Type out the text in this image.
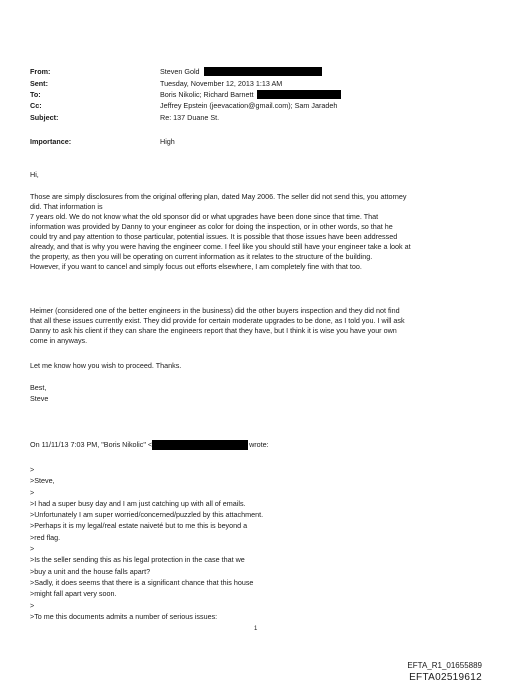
From:	Steven Gold
Sent:	Tuesday, November 12, 2013 1:13 AM
To:	Boris Nikolic; Richard Barnett
Cc:	Jeffrey Epstein (jeevacation@gmail.com); Sam Jaradeh
Subject:	Re: 137 Duane St.
Importance:	High
Hi,
Those are simply disclosures from the original offering plan, dated May 2006. The seller did not send this, you attorney
did. That information is
7 years old. We do not know what the old sponsor did or what upgrades have been done since that time. That
information was provided by Danny to your engineer as color for doing the inspection, or in other words, so that he
could try and pay attention to those particular, potential issues. It is possible that those issues have been addressed
already, and that is why you were having the engineer come. I feel like you should still have your engineer take a look at
the property, as then you will be operating on current information as it relates to the structure of the building.
However, if you want to cancel and simply focus out efforts elsewhere, I am completely fine with that too.
Heimer (considered one of the better engineers in the business) did the other buyers inspection and they did not find
that all these issues currently exist. They did provide for certain moderate upgrades to be done, as I told you. I will ask
Danny to ask his client if they can share the engineers report that they have, but I think it is wise you have your own
come in anyways.
Let me know how you wish to proceed. Thanks.
Best,
Steve
On 11/11/13 7:03 PM, "Boris Nikolic" <	wrote:
>
>Steve,
>
>I had a super busy day and I am just catching up with all of emails.
>Unfortunately I am super worried/concerned/puzzled by this attachment.
>Perhaps it is my legal/real estate naiveté but to me this is beyond a
>red flag.
>
>Is the seller sending this as his legal protection in the case that we
>buy a unit and the house falls apart?
>Sadly, it does seems that there is a significant chance that this house
>might fall apart very soon.
>
>To me this documents admits a number of serious issues:
1
EFTA_R1_01655889
EFTA02519612
